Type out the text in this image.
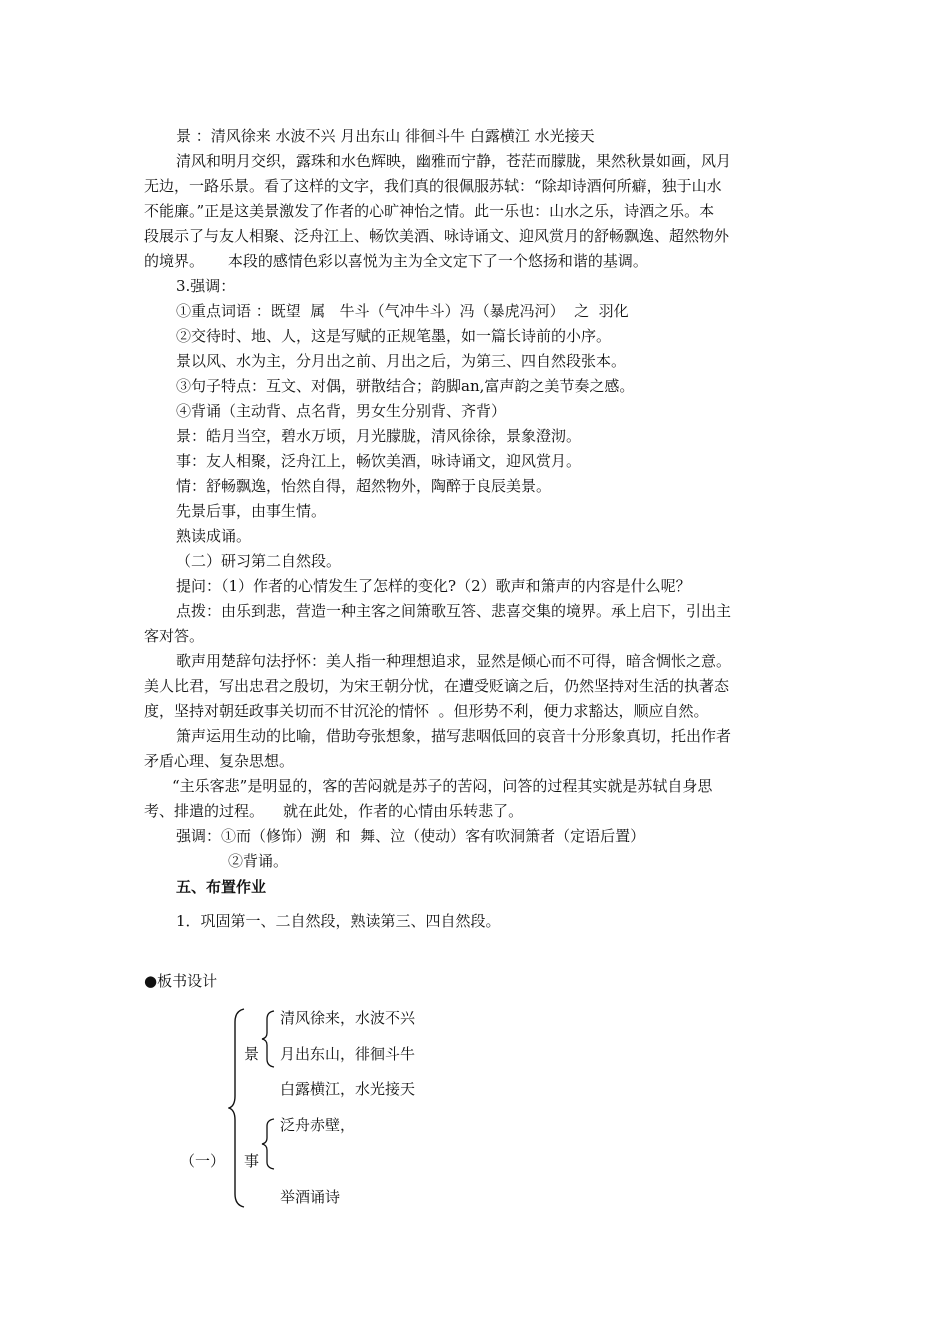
景 ：清风徐来 水波不兴 月出东山 徘徊斗牛 白露横江 水光接天
清风和明月交织，露珠和水色辉映，幽雅而宁静，苍茫而朦胧，果然秋景如画，风月
无边，一路乐景。看了这样的文字，我们真的很佩服苏轼：“除却诗酒何所癖，独于山水
不能廉。”正是这美景激发了作者的心旷神怡之情。此一乐也：山水之乐，诗酒之乐。本
段展示了与友人相聚、泛舟江上、畅饮美酒、咏诗诵文、迎风赏月的舒畅飘逸、超然物外
的境界。     本段的感情色彩以喜悦为主为全文定下了一个悠扬和谐的基调。
3.强调：
①重点词语 ：既望  属   牛斗（气冲牛斗）冯（暴虎冯河）  之  羽化
②交待时、地、人，这是写赋的正规笔墨，如一篇长诗前的小序。
景以风、水为主，分月出之前、月出之后，为第三、四自然段张本。
③句子特点：互文、对偶，骈散结合；韵脚an,富声韵之美节奏之感。
④背诵（主动背、点名背，男女生分别背、齐背）
景：皓月当空，碧水万顷，月光朦胧，清风徐徐，景象澄沏。
事：友人相聚，泛舟江上，畅饮美酒，咏诗诵文，迎风赏月。
情：舒畅飘逸，怡然自得，超然物外，陶醉于良辰美景。
先景后事，由事生情。
熟读成诵。
（二）研习第二自然段。
提问：（1）作者的心情发生了怎样的变化?（2）歌声和箫声的内容是什么呢？
点拨：由乐到悲，营造一种主客之间箫歌互答、悲喜交集的境界。承上启下，引出主
客对答。
歌声用楚辞句法抒怀：美人指一种理想追求，显然是倾心而不可得，暗含惆怅之意。
美人比君，写出忠君之殷切，为宋王朝分忧，在遭受贬谪之后，仍然坚持对生活的执著态
度，坚持对朝廷政事关切而不甘沉沦的情怀  。但形势不利，便力求豁达，顺应自然。
箫声运用生动的比喻，借助夸张想象，描写悲咽低回的哀音十分形象真切，托出作者
矛盾心理、复杂思想。
“主乐客悲”是明显的，客的苦闷就是苏子的苦闷，问答的过程其实就是苏轼自身思
考、排遣的过程。    就在此处，作者的心情由乐转悲了。
强调：①而（修饰）溯  和  舞、泣（使动）客有吹洞箫者（定语后置）
②背诵。
五、布置作业
1．巩固第一、二自然段，熟读第三、四自然段。
●板书设计
清风徐来，水波不兴
月出东山，徘徊斗牛
白露横江，水光接天
泛舟赤壁，
举酒诵诗
景
事
（一）
